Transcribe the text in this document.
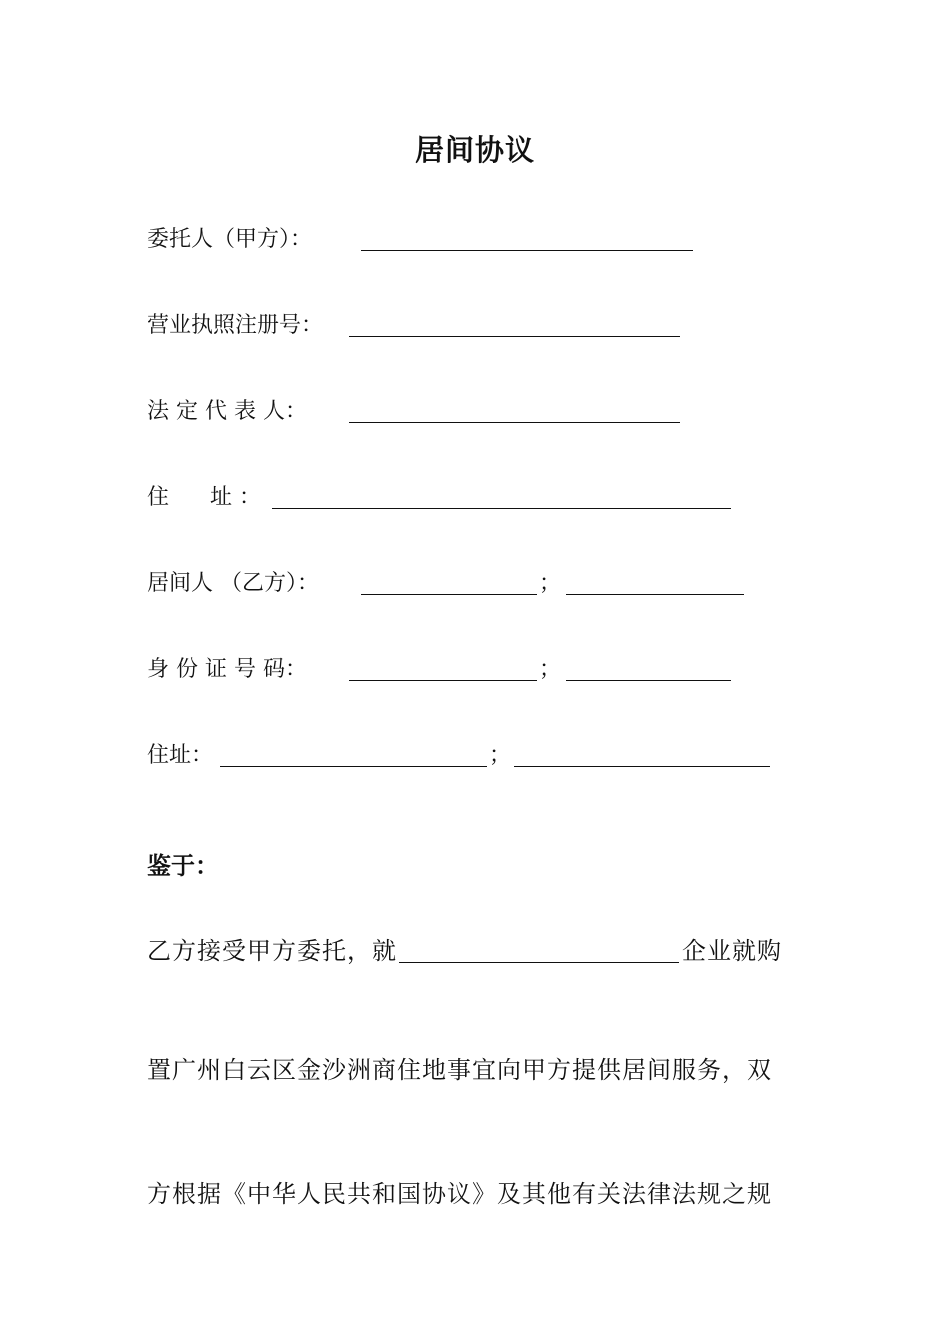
居间协议
委托人（甲方）：
营业执照注册号：
法 定 代 表 人：
住 址 ：
居间人 （乙方）：	；
身 份 证 号 码：	；
住址：	；
鉴于：
乙方接受甲方委托，就	企业就购
置广州白云区金沙洲商住地事宜向甲方提供居间服务，双
方根据《中华人民共和国协议》及其他有关法律法规之规
